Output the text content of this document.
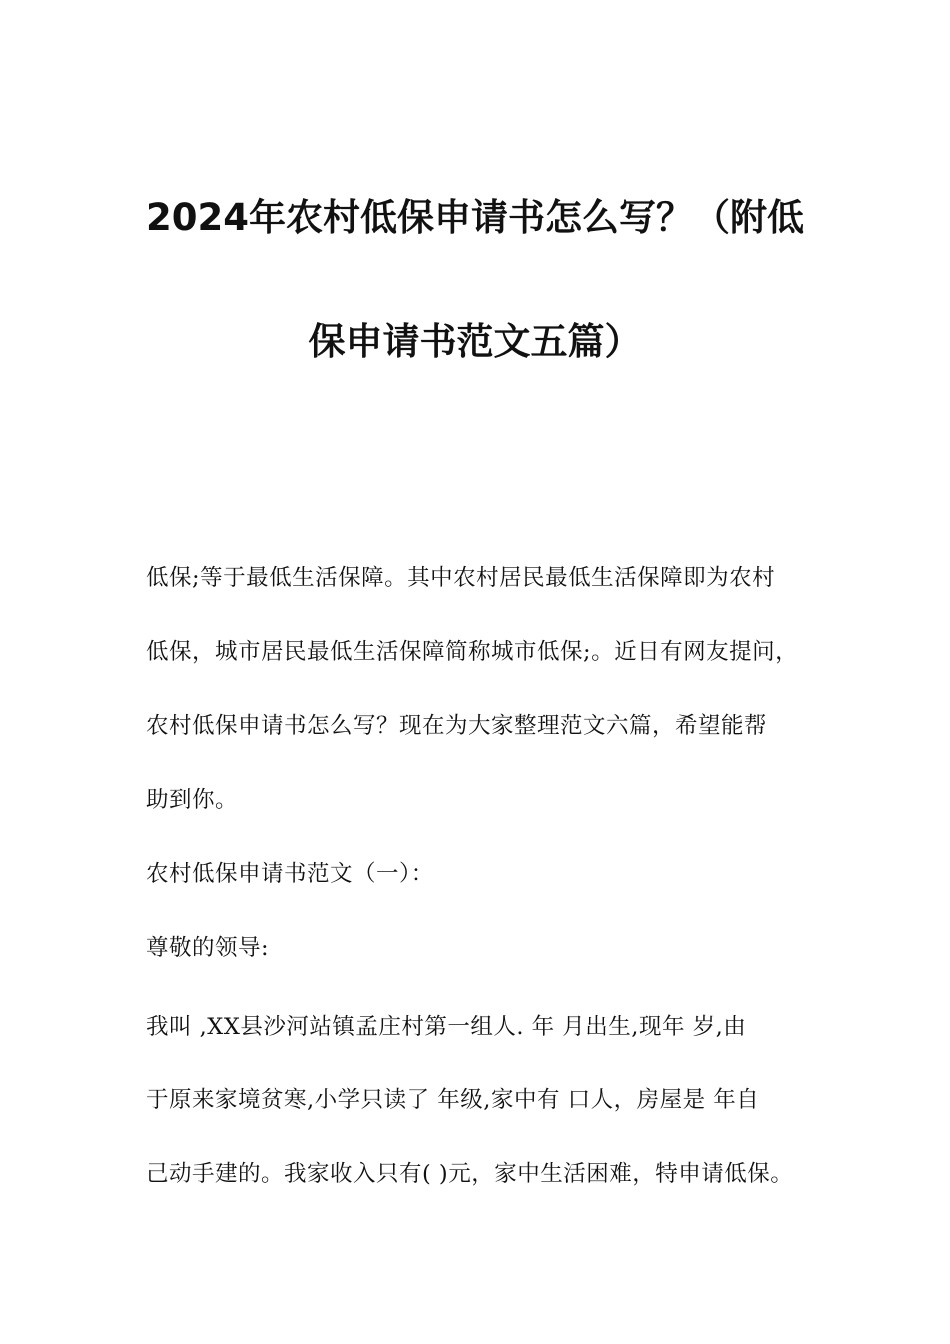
2024年农村低保申请书怎么写？（附低
保申请书范文五篇）
低保;等于最低生活保障。其中农村居民最低生活保障即为农村
低保，城市居民最低生活保障简称城市低保;。近日有网友提问，
农村低保申请书怎么写？现在为大家整理范文六篇，希望能帮
助到你。
农村低保申请书范文（一）：
尊敬的领导:
我叫 ,XX县沙河站镇孟庄村第一组人. 年 月出生,现年 岁,由
于原来家境贫寒,小学只读了 年级,家中有 口人，房屋是 年自
己动手建的。我家收入只有( )元，家中生活困难，特申请低保。
